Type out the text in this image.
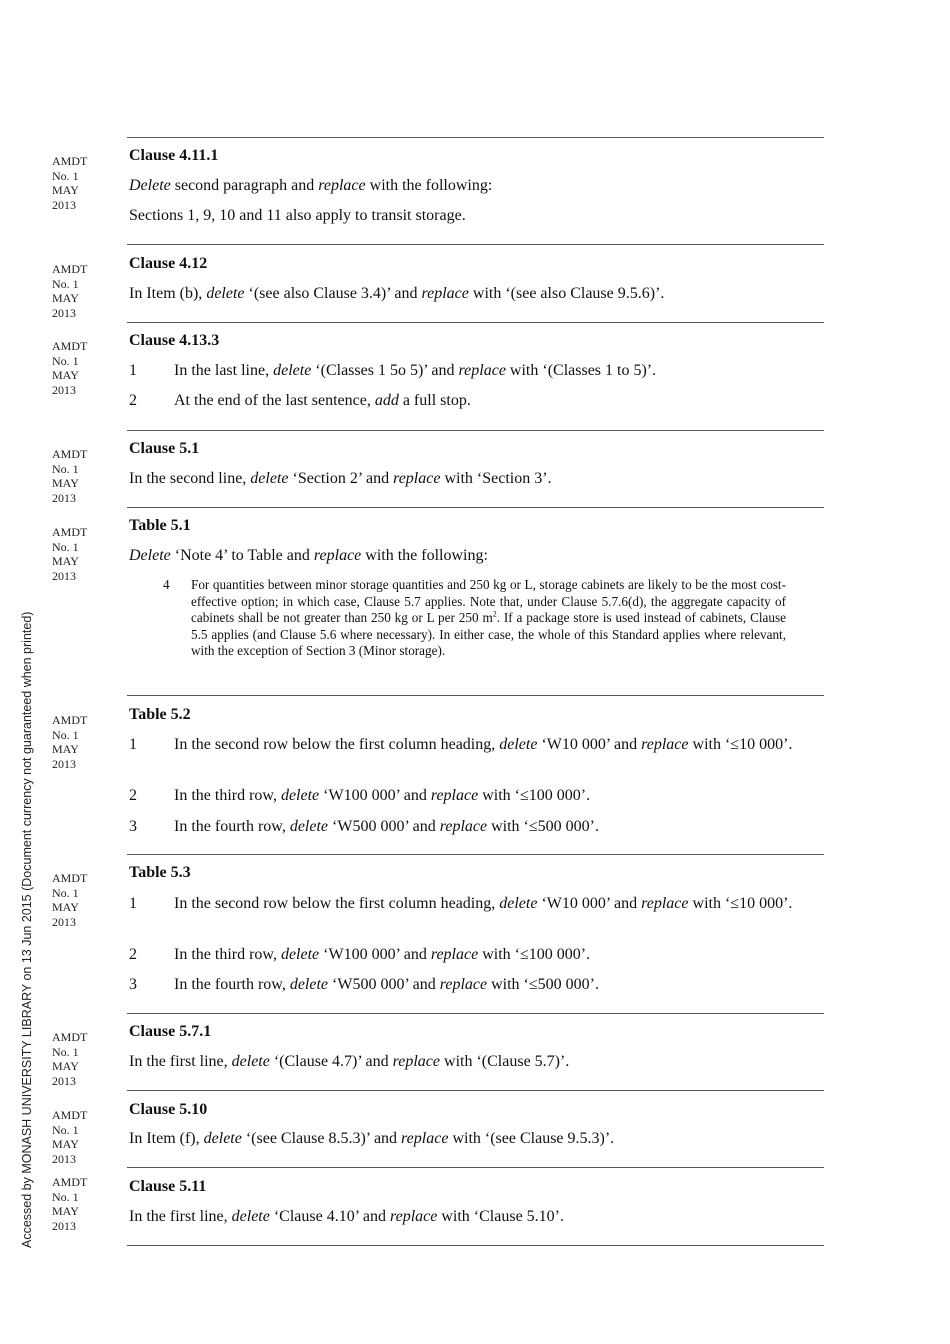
Accessed by MONASH UNIVERSITY LIBRARY on 13 Jun 2015 (Document currency not guaranteed when printed)
AMDT
No. 1
MAY
2013
Clause 4.11.1
Delete second paragraph and replace with the following:
Sections 1, 9, 10 and 11 also apply to transit storage.
AMDT
No. 1
MAY
2013
Clause 4.12
In Item (b), delete ‘(see also Clause 3.4)’ and replace with ‘(see also Clause 9.5.6)’.
AMDT
No. 1
MAY
2013
Clause 4.13.3
1 In the last line, delete ‘(Classes 1 5o 5)’ and replace with ‘(Classes 1 to 5)’.
2 At the end of the last sentence, add a full stop.
AMDT
No. 1
MAY
2013
Clause 5.1
In the second line, delete ‘Section 2’ and replace with ‘Section 3’.
AMDT
No. 1
MAY
2013
Table 5.1
Delete ‘Note 4’ to Table and replace with the following:
4 For quantities between minor storage quantities and 250 kg or L, storage cabinets are likely to be the most cost-effective option; in which case, Clause 5.7 applies. Note that, under Clause 5.7.6(d), the aggregate capacity of cabinets shall be not greater than 250 kg or L per 250 $m^2$. If a package store is used instead of cabinets, Clause 5.5 applies (and Clause 5.6 where necessary). In either case, the whole of this Standard applies where relevant, with the exception of Section 3 (Minor storage).
AMDT
No. 1
MAY
2013
Table 5.2
1 In the second row below the first column heading, delete ‘W10 000’ and replace with ‘≤10 000’.
2 In the third row, delete ‘W100 000’ and replace with ‘≤100 000’.
3 In the fourth row, delete ‘W500 000’ and replace with ‘≤500 000’.
AMDT
No. 1
MAY
2013
Table 5.3
1 In the second row below the first column heading, delete ‘W10 000’ and replace with ‘≤10 000’.
2 In the third row, delete ‘W100 000’ and replace with ‘≤100 000’.
3 In the fourth row, delete ‘W500 000’ and replace with ‘≤500 000’.
AMDT
No. 1
MAY
2013
Clause 5.7.1
In the first line, delete ‘(Clause 4.7)’ and replace with ‘(Clause 5.7)’.
AMDT
No. 1
MAY
2013
Clause 5.10
In Item (f), delete ‘(see Clause 8.5.3)’ and replace with ‘(see Clause 9.5.3)’.
AMDT
No. 1
MAY
2013
Clause 5.11
In the first line, delete ‘Clause 4.10’ and replace with ‘Clause 5.10’.
